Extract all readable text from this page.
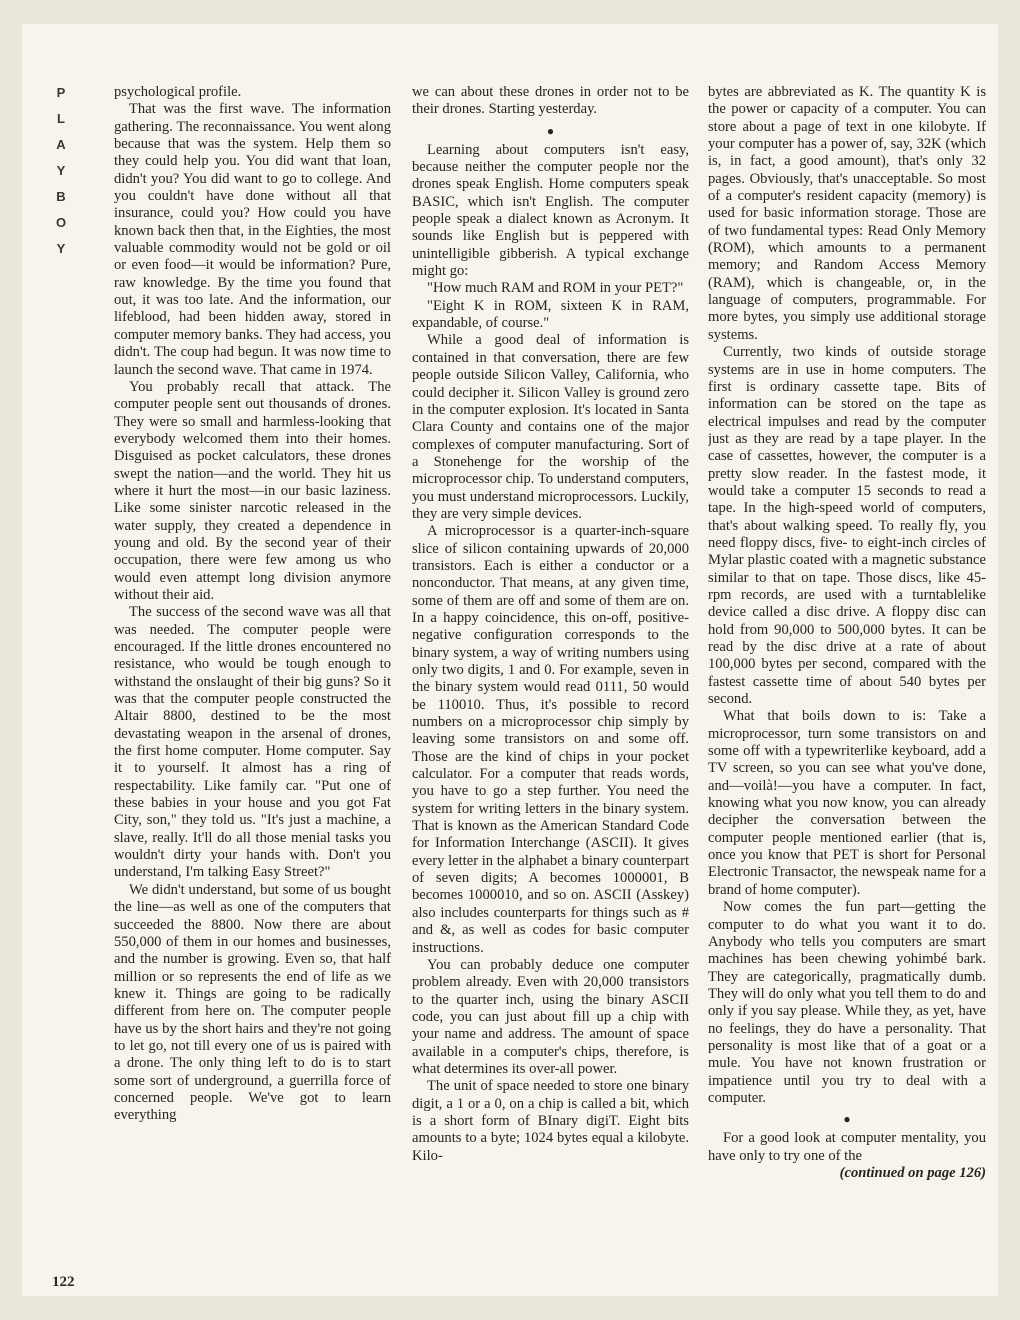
P
L
A
Y
B
O
Y

psychological profile.

That was the first wave. The information gathering. The reconnaissance. You went along because that was the system. Help them so they could help you. You did want that loan, didn't you? You did want to go to college. And you couldn't have done without all that insurance, could you? How could you have known back then that, in the Eighties, the most valuable commodity would not be gold or oil or even food—it would be information? Pure, raw knowledge. By the time you found that out, it was too late. And the information, our lifeblood, had been hidden away, stored in computer memory banks. They had access, you didn't. The coup had begun. It was now time to launch the second wave. That came in 1974.

You probably recall that attack. The computer people sent out thousands of drones. They were so small and harmless-looking that everybody welcomed them into their homes. Disguised as pocket calculators, these drones swept the nation—and the world. They hit us where it hurt the most—in our basic laziness. Like some sinister narcotic released in the water supply, they created a dependence in young and old. By the second year of their occupation, there were few among us who would even attempt long division anymore without their aid.

The success of the second wave was all that was needed. The computer people were encouraged. If the little drones encountered no resistance, who would be tough enough to withstand the onslaught of their big guns? So it was that the computer people constructed the Altair 8800, destined to be the most devastating weapon in the arsenal of drones, the first home computer. Home computer. Say it to yourself. It almost has a ring of respectability. Like family car. "Put one of these babies in your house and you got Fat City, son," they told us. "It's just a machine, a slave, really. It'll do all those menial tasks you wouldn't dirty your hands with. Don't you understand, I'm talking Easy Street?"

We didn't understand, but some of us bought the line—as well as one of the computers that succeeded the 8800. Now there are about 550,000 of them in our homes and businesses, and the number is growing. Even so, that half million or so represents the end of life as we knew it. Things are going to be radically different from here on. The computer people have us by the short hairs and they're not going to let go, not till every one of us is paired with a drone. The only thing left to do is to start some sort of underground, a guerrilla force of concerned people. We've got to learn everything

we can about these drones in order not to be their drones. Starting yesterday.

●

Learning about computers isn't easy, because neither the computer people nor the drones speak English. Home computers speak BASIC, which isn't English. The computer people speak a dialect known as Acronym. It sounds like English but is peppered with unintelligible gibberish. A typical exchange might go:

"How much RAM and ROM in your PET?"

"Eight K in ROM, sixteen K in RAM, expandable, of course."

While a good deal of information is contained in that conversation, there are few people outside Silicon Valley, California, who could decipher it. Silicon Valley is ground zero in the computer explosion. It's located in Santa Clara County and contains one of the major complexes of computer manufacturing. Sort of a Stonehenge for the worship of the microprocessor chip. To understand computers, you must understand microprocessors. Luckily, they are very simple devices.

A microprocessor is a quarter-inch-square slice of silicon containing upwards of 20,000 transistors. Each is either a conductor or a nonconductor. That means, at any given time, some of them are off and some of them are on. In a happy coincidence, this on-off, positive-negative configuration corresponds to the binary system, a way of writing numbers using only two digits, 1 and 0. For example, seven in the binary system would read 0111, 50 would be 110010. Thus, it's possible to record numbers on a microprocessor chip simply by leaving some transistors on and some off. Those are the kind of chips in your pocket calculator. For a computer that reads words, you have to go a step further. You need the system for writing letters in the binary system. That is known as the American Standard Code for Information Interchange (ASCII). It gives every letter in the alphabet a binary counterpart of seven digits; A becomes 1000001, B becomes 1000010, and so on. ASCII (Asskey) also includes counterparts for things such as # and &, as well as codes for basic computer instructions.

You can probably deduce one computer problem already. Even with 20,000 transistors to the quarter inch, using the binary ASCII code, you can just about fill up a chip with your name and address. The amount of space available in a computer's chips, therefore, is what determines its over-all power.

The unit of space needed to store one binary digit, a 1 or a 0, on a chip is called a bit, which is a short form of BInary digiT. Eight bits amounts to a byte; 1024 bytes equal a kilobyte. Kilo-

bytes are abbreviated as K. The quantity K is the power or capacity of a computer. You can store about a page of text in one kilobyte. If your computer has a power of, say, 32K (which is, in fact, a good amount), that's only 32 pages. Obviously, that's unacceptable. So most of a computer's resident capacity (memory) is used for basic information storage. Those are of two fundamental types: Read Only Memory (ROM), which amounts to a permanent memory; and Random Access Memory (RAM), which is changeable, or, in the language of computers, programmable. For more bytes, you simply use additional storage systems.

Currently, two kinds of outside storage systems are in use in home computers. The first is ordinary cassette tape. Bits of information can be stored on the tape as electrical impulses and read by the computer just as they are read by a tape player. In the case of cassettes, however, the computer is a pretty slow reader. In the fastest mode, it would take a computer 15 seconds to read a tape. In the high-speed world of computers, that's about walking speed. To really fly, you need floppy discs, five- to eight-inch circles of Mylar plastic coated with a magnetic substance similar to that on tape. Those discs, like 45-rpm records, are used with a turntablelike device called a disc drive. A floppy disc can hold from 90,000 to 500,000 bytes. It can be read by the disc drive at a rate of about 100,000 bytes per second, compared with the fastest cassette time of about 540 bytes per second.

What that boils down to is: Take a microprocessor, turn some transistors on and some off with a typewriterlike keyboard, add a TV screen, so you can see what you've done, and—voilà!—you have a computer. In fact, knowing what you now know, you can already decipher the conversation between the computer people mentioned earlier (that is, once you know that PET is short for Personal Electronic Transactor, the newspeak name for a brand of home computer).

Now comes the fun part—getting the computer to do what you want it to do. Anybody who tells you computers are smart machines has been chewing yohimbé bark. They are categorically, pragmatically dumb. They will do only what you tell them to do and only if you say please. While they, as yet, have no feelings, they do have a personality. That personality is most like that of a goat or a mule. You have not known frustration or impatience until you try to deal with a computer.

●

For a good look at computer mentality, you have only to try one of the

(continued on page 126)

122
